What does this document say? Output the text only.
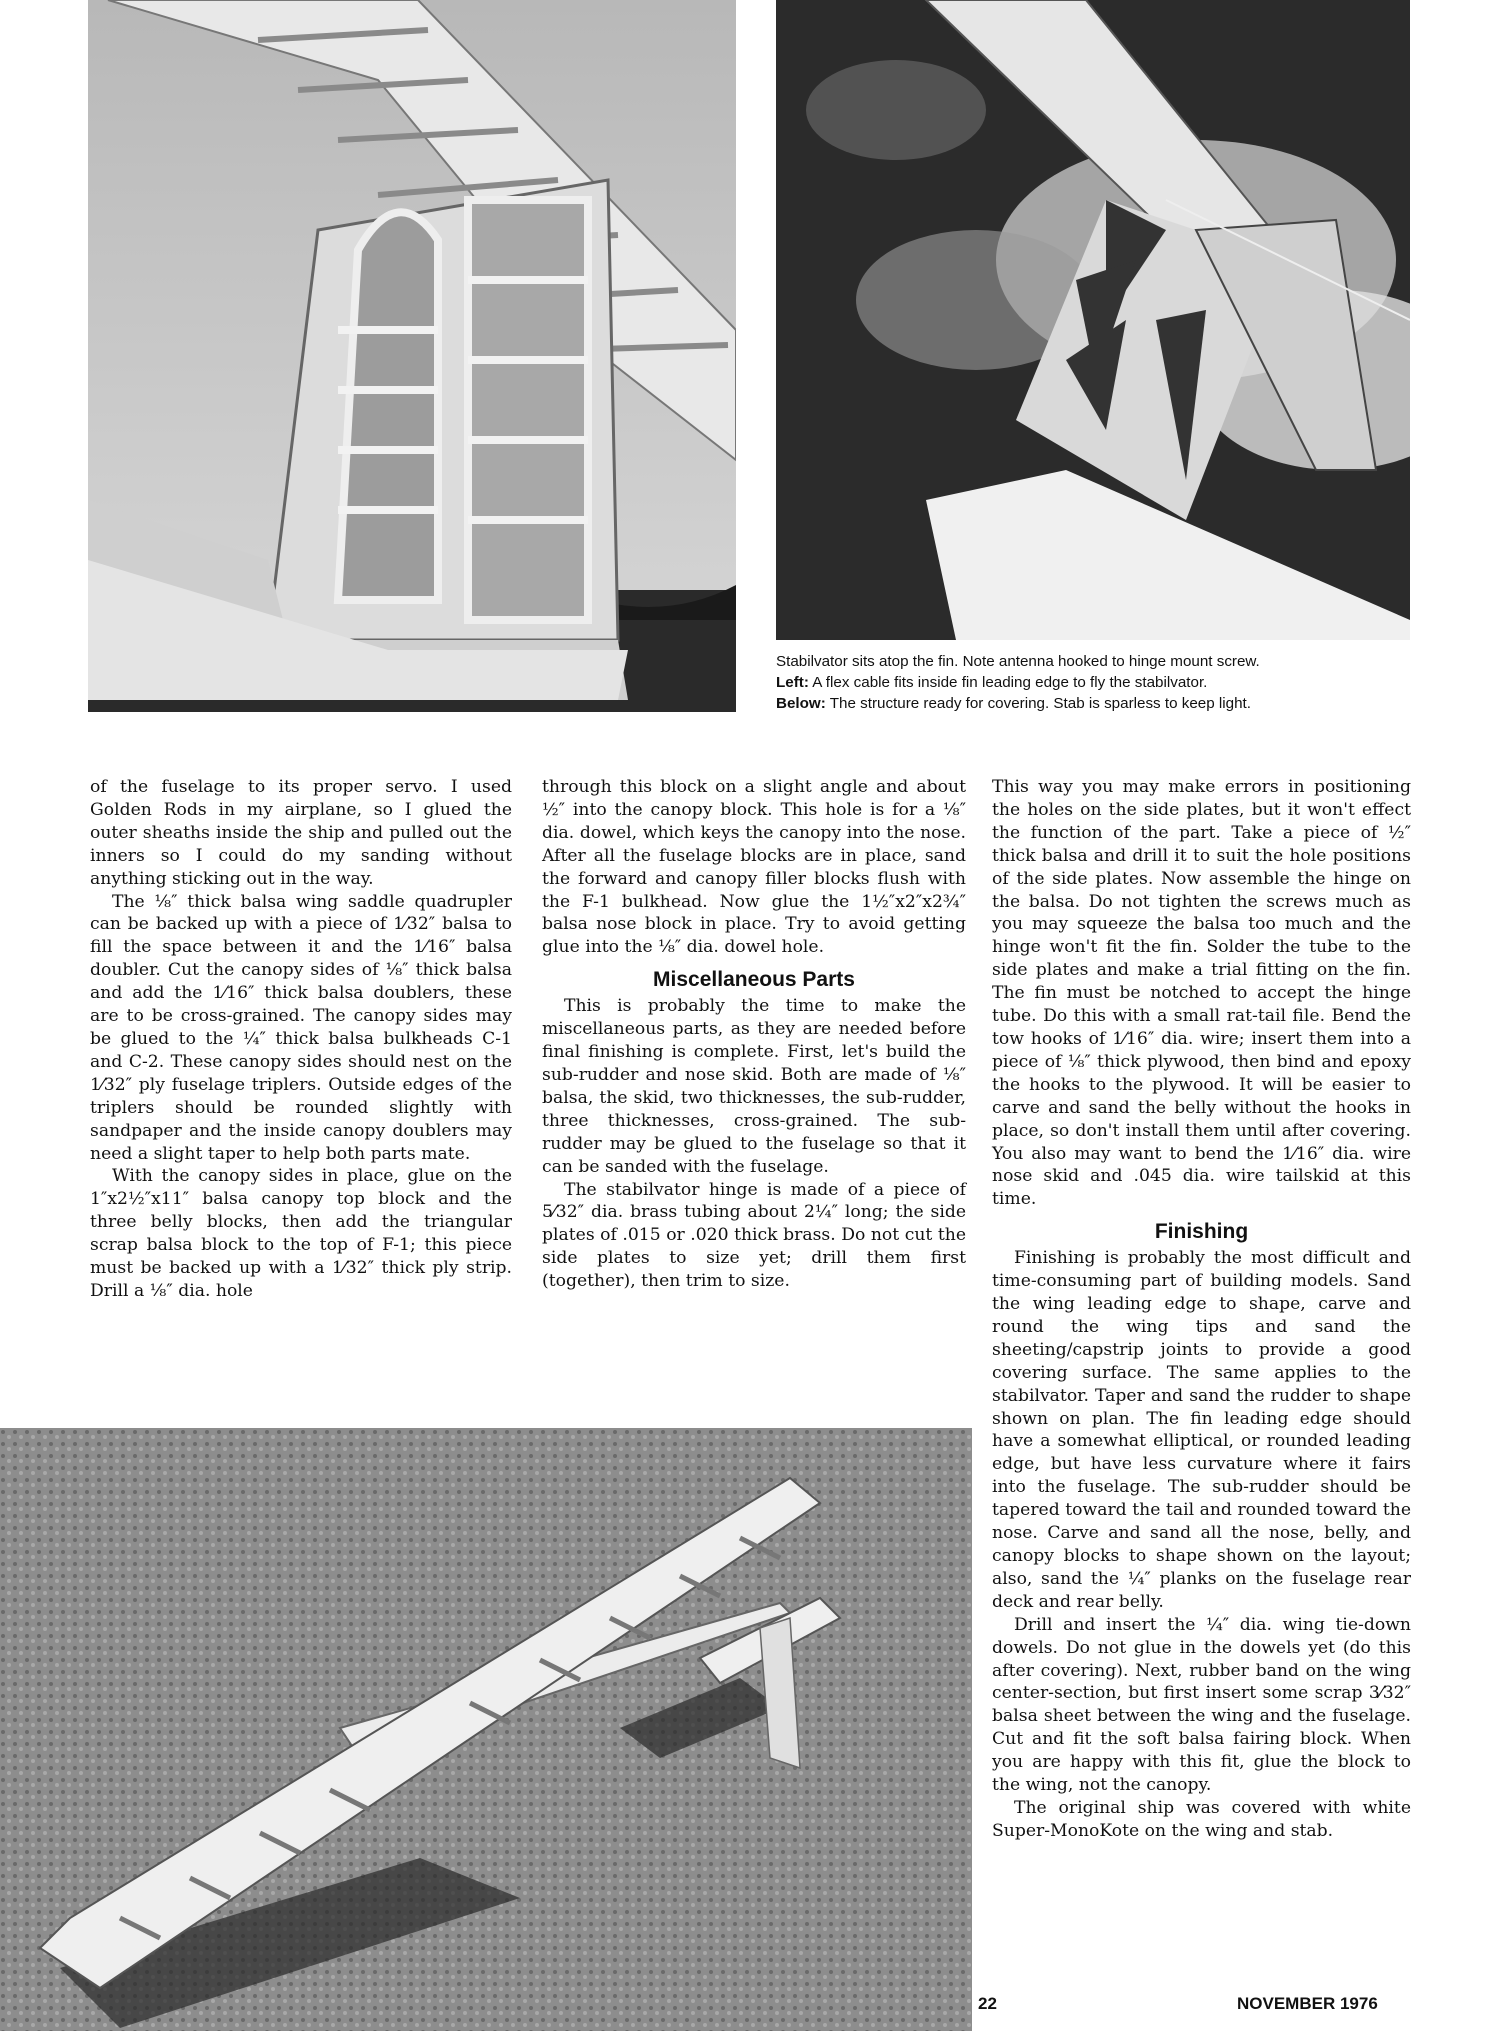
Stabilvator sits atop the fin. Note antenna hooked to hinge mount screw.

Left: A flex cable fits inside fin leading edge to fly the stabilvator.

Below: The structure ready for covering. Stab is sparless to keep light.

of the fuselage to its proper servo. I used Golden Rods in my airplane, so I glued the outer sheaths inside the ship and pulled out the inners so I could do my sanding without anything sticking out in the way.

The ⅛″ thick balsa wing saddle quadrupler can be backed up with a piece of 1⁄32″ balsa to fill the space between it and the 1⁄16″ balsa doubler. Cut the canopy sides of ⅛″ thick balsa and add the 1⁄16″ thick balsa doublers, these are to be cross-grained. The canopy sides may be glued to the ¼″ thick balsa bulkheads C-1 and C-2. These canopy sides should nest on the 1⁄32″ ply fuselage triplers. Outside edges of the triplers should be rounded slightly with sandpaper and the inside canopy doublers may need a slight taper to help both parts mate.

With the canopy sides in place, glue on the 1″x2½″x11″ balsa canopy top block and the three belly blocks, then add the triangular scrap balsa block to the top of F-1; this piece must be backed up with a 1⁄32″ thick ply strip. Drill a ⅛″ dia. hole

through this block on a slight angle and about ½″ into the canopy block. This hole is for a ⅛″ dia. dowel, which keys the canopy into the nose. After all the fuselage blocks are in place, sand the forward and canopy filler blocks flush with the F-1 bulkhead. Now glue the 1½″x2″x2¾″ balsa nose block in place. Try to avoid getting glue into the ⅛″ dia. dowel hole.

Miscellaneous Parts

This is probably the time to make the miscellaneous parts, as they are needed before final finishing is complete. First, let's build the sub-rudder and nose skid. Both are made of ⅛″ balsa, the skid, two thicknesses, the sub-rudder, three thicknesses, cross-grained. The sub-rudder may be glued to the fuselage so that it can be sanded with the fuselage.

The stabilvator hinge is made of a piece of 5⁄32″ dia. brass tubing about 2¼″ long; the side plates of .015 or .020 thick brass. Do not cut the side plates to size yet; drill them first (together), then trim to size.

This way you may make errors in positioning the holes on the side plates, but it won't effect the function of the part. Take a piece of ½″ thick balsa and drill it to suit the hole positions of the side plates. Now assemble the hinge on the balsa. Do not tighten the screws much as you may squeeze the balsa too much and the hinge won't fit the fin. Solder the tube to the side plates and make a trial fitting on the fin. The fin must be notched to accept the hinge tube. Do this with a small rat-tail file. Bend the tow hooks of 1⁄16″ dia. wire; insert them into a piece of ⅛″ thick plywood, then bind and epoxy the hooks to the plywood. It will be easier to carve and sand the belly without the hooks in place, so don't install them until after covering. You also may want to bend the 1⁄16″ dia. wire nose skid and .045 dia. wire tailskid at this time.

Finishing

Finishing is probably the most difficult and time-consuming part of building models. Sand the wing leading edge to shape, carve and round the wing tips and sand the sheeting/capstrip joints to provide a good covering surface. The same applies to the stabilvator. Taper and sand the rudder to shape shown on plan. The fin leading edge should have a somewhat elliptical, or rounded leading edge, but have less curvature where it fairs into the fuselage. The sub-rudder should be tapered toward the tail and rounded toward the nose. Carve and sand all the nose, belly, and canopy blocks to shape shown on the layout; also, sand the ¼″ planks on the fuselage rear deck and rear belly.

Drill and insert the ¼″ dia. wing tie-down dowels. Do not glue in the dowels yet (do this after covering). Next, rubber band on the wing center-section, but first insert some scrap 3⁄32″ balsa sheet between the wing and the fuselage. Cut and fit the soft balsa fairing block. When you are happy with this fit, glue the block to the wing, not the canopy.

The original ship was covered with white Super-MonoKote on the wing and stab.

22	NOVEMBER 1976
